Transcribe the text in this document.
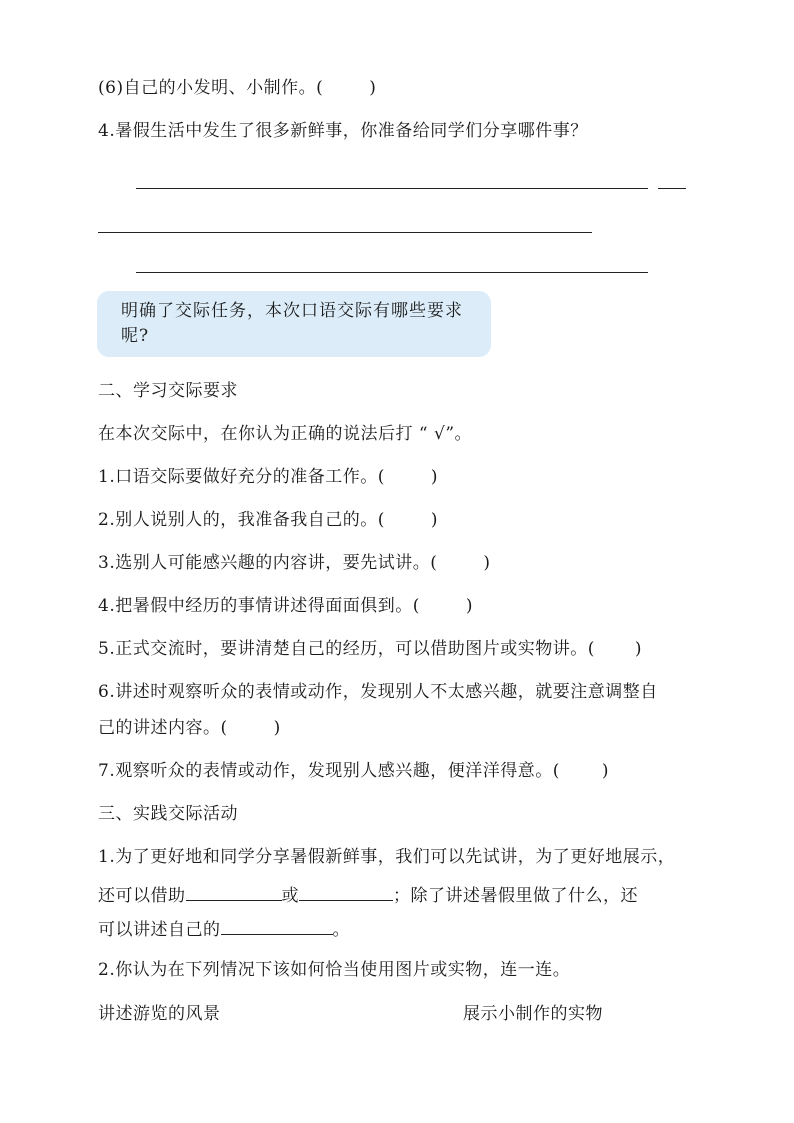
(6)自己的小发明、小制作。(	)
4.暑假生活中发生了很多新鲜事，你准备给同学们分享哪件事？
明确了交际任务，本次口语交际有哪些要求呢?
二、学习交际要求
在本次交际中，在你认为正确的说法后打 “ √”。
1.口语交际要做好充分的准备工作。(	)
2.别人说别人的，我准备我自己的。(	)
3.选别人可能感兴趣的内容讲，要先试讲。(	)
4.把暑假中经历的事情讲述得面面俱到。(	)
5.正式交流时，要讲清楚自己的经历，可以借助图片或实物讲。( )
6.讲述时观察听众的表情或动作，发现别人不太感兴趣，就要注意调整自
己的讲述内容。(	)
7.观察听众的表情或动作，发现别人感兴趣，便洋洋得意。( )
三、实践交际活动
1.为了更好地和同学分享暑假新鲜事，我们可以先试讲，为了更好地展示，
还可以借助	或	；除了讲述暑假里做了什么，还
可以讲述自己的	。
2.你认为在下列情况下该如何恰当使用图片或实物，连一连。
讲述游览的风景	展示小制作的实物
